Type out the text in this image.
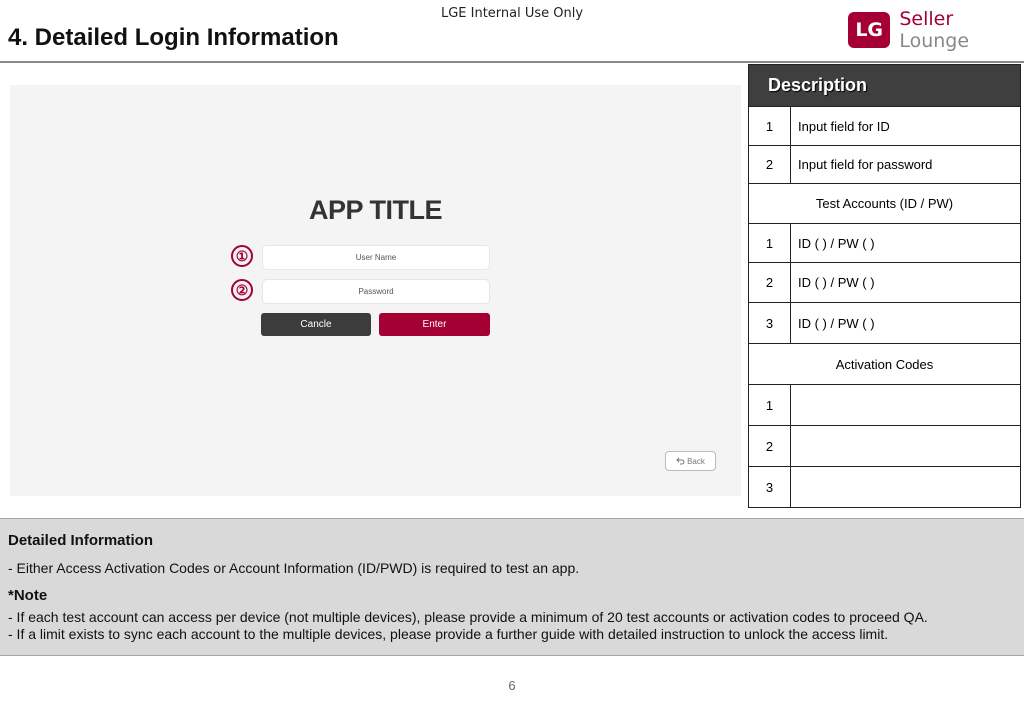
LGE Internal Use Only
4. Detailed Login Information	LG Seller Lounge
APP TITLE
①	User Name
②	Password
Cancle	Enter
Back
Description	
1	Input field for ID
2	Input field for password
Test Accounts (ID / PW)	
1	ID ( ) / PW ( )
2	ID ( ) / PW ( )
3	ID ( ) / PW ( )
Activation Codes	
1	
2	
3	
Detailed Information
- Either Access Activation Codes or Account Information (ID/PWD) is required to test an app.
*Note
- If each test account can access per device (not multiple devices), please provide a minimum of 20 test accounts or activation codes to proceed QA.
- If a limit exists to sync each account to the multiple devices, please provide a further guide with detailed instruction to unlock the access limit.
6
